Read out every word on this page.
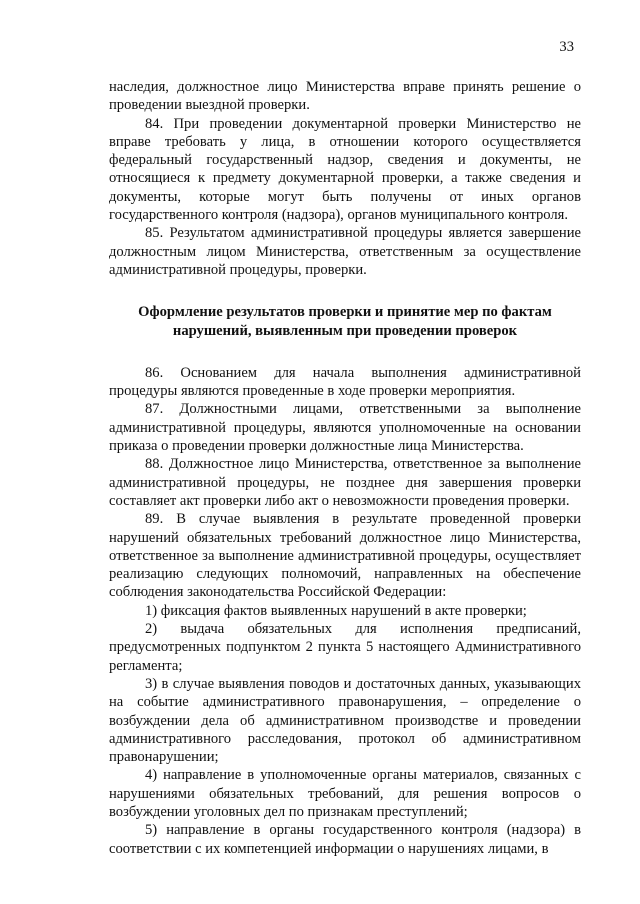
33

наследия, должностное лицо Министерства вправе принять решение о проведении выездной проверки.

84. При проведении документарной проверки Министерство не вправе требовать у лица, в отношении которого осуществляется федеральный государственный надзор, сведения и документы, не относящиеся к предмету документарной проверки, а также сведения и документы, которые могут быть получены от иных органов государственного контроля (надзора), органов муниципального контроля.

85. Результатом административной процедуры является завершение должностным лицом Министерства, ответственным за осуществление административной процедуры, проверки.

Оформление результатов проверки и принятие мер по фактам нарушений, выявленным при проведении проверок

86. Основанием для начала выполнения административной процедуры являются проведенные в ходе проверки мероприятия.

87. Должностными лицами, ответственными за выполнение административной процедуры, являются уполномоченные на основании приказа о проведении проверки должностные лица Министерства.

88. Должностное лицо Министерства, ответственное за выполнение административной процедуры, не позднее дня завершения проверки составляет акт проверки либо акт о невозможности проведения проверки.

89. В случае выявления в результате проведенной проверки нарушений обязательных требований должностное лицо Министерства, ответственное за выполнение административной процедуры, осуществляет реализацию следующих полномочий, направленных на обеспечение соблюдения законодательства Российской Федерации:

1) фиксация фактов выявленных нарушений в акте проверки;

2) выдача обязательных для исполнения предписаний, предусмотренных подпунктом 2 пункта 5 настоящего Административного регламента;

3) в случае выявления поводов и достаточных данных, указывающих на событие административного правонарушения, – определение о возбуждении дела об административном производстве и проведении административного расследования, протокол об административном правонарушении;

4) направление в уполномоченные органы материалов, связанных с нарушениями обязательных требований, для решения вопросов о возбуждении уголовных дел по признакам преступлений;

5) направление в органы государственного контроля (надзора) в соответствии с их компетенцией информации о нарушениях лицами, в
